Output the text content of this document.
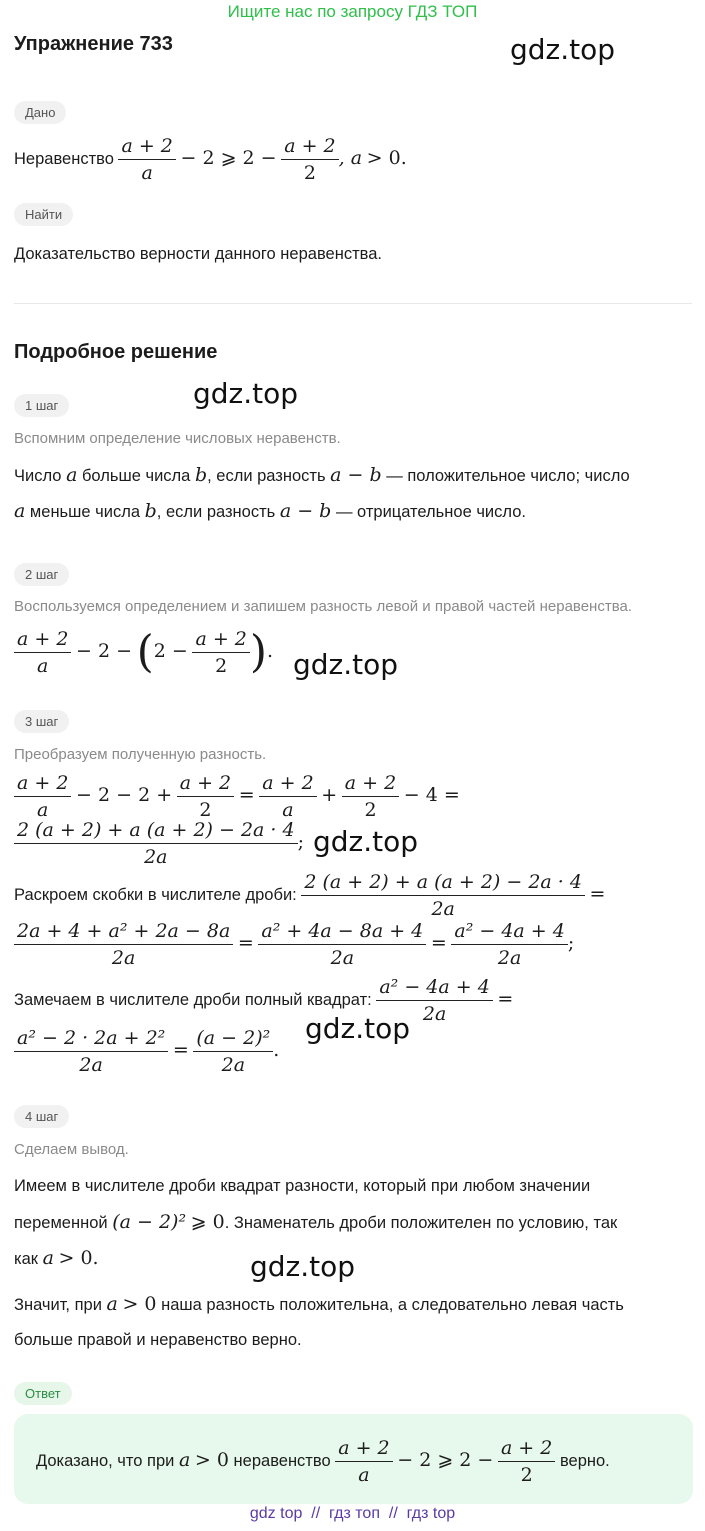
Ищите нас по запросу ГДЗ ТОП
Упражнение 733	gdz.top
Дано
Неравенство $\frac{a + 2}{a} - 2$ ⩾ $2 - \frac{a + 2}{2}$ , a > 0.
Найти
Доказательство верности данного неравенства.
Подробное решение
gdz.top
1 шаг
Вспомним определение числовых неравенств.
Число a больше числа b, если разность a − b — положительное число; число
a меньше числа b, если разность a − b — отрицательное число.
2 шаг
Воспользуемся определением и запишем разность левой и правой частей неравенства.
$\frac{a + 2}{a} - 2 - (2 - \frac{a + 2}{2}$ ). gdz.top
3 шаг
Преобразуем полученную разность.
$\frac{a + 2}{a} - 2 - 2 + \frac{a + 2}{2} = \frac{a + 2}{a} + \frac{a + 2}{2} - 4$ =
$\frac{2 (a + 2) + a (a + 2) - 2a \cdot 4}{2a}$ ; gdz.top
Раскроем скобки в числителе дроби: $\frac{2 (a + 2) + a (a + 2) - 2a \cdot 4}{2a}$ =
$\frac{\text{2a + 4 + a² + 2a − 8a}}{2a} = \frac{\text{a² + 4a − 8a + 4}}{2a} = \frac{\text{a² − 4a + 4}}{2a}$ ;
Замечаем в числителе дроби полный квадрат: $\frac{\text{a² − 4a + 4}}{2a}$ =
$\frac{\text{a² − 2 · 2a + 2²}}{2a} = \frac{\text{(a − 2)²}}{2a}$ .
gdz.top
4 шаг
Сделаем вывод.
Имеем в числителе дроби квадрат разности, который при любом значении
переменной (a − 2)² ⩾ 0. Знаменатель дроби положителен по условию, так
как a > 0.	gdz.top
Значит, при a > 0 наша разность положительна, а следовательно левая часть
больше правой и неравенство верно.
Ответ
Доказано, что при a > 0 неравенство $\frac{a + 2}{a} - 2$ ⩾ $2 - \frac{a + 2}{2}$ верно.
gdz top  //  гдз топ  //  гдз top
